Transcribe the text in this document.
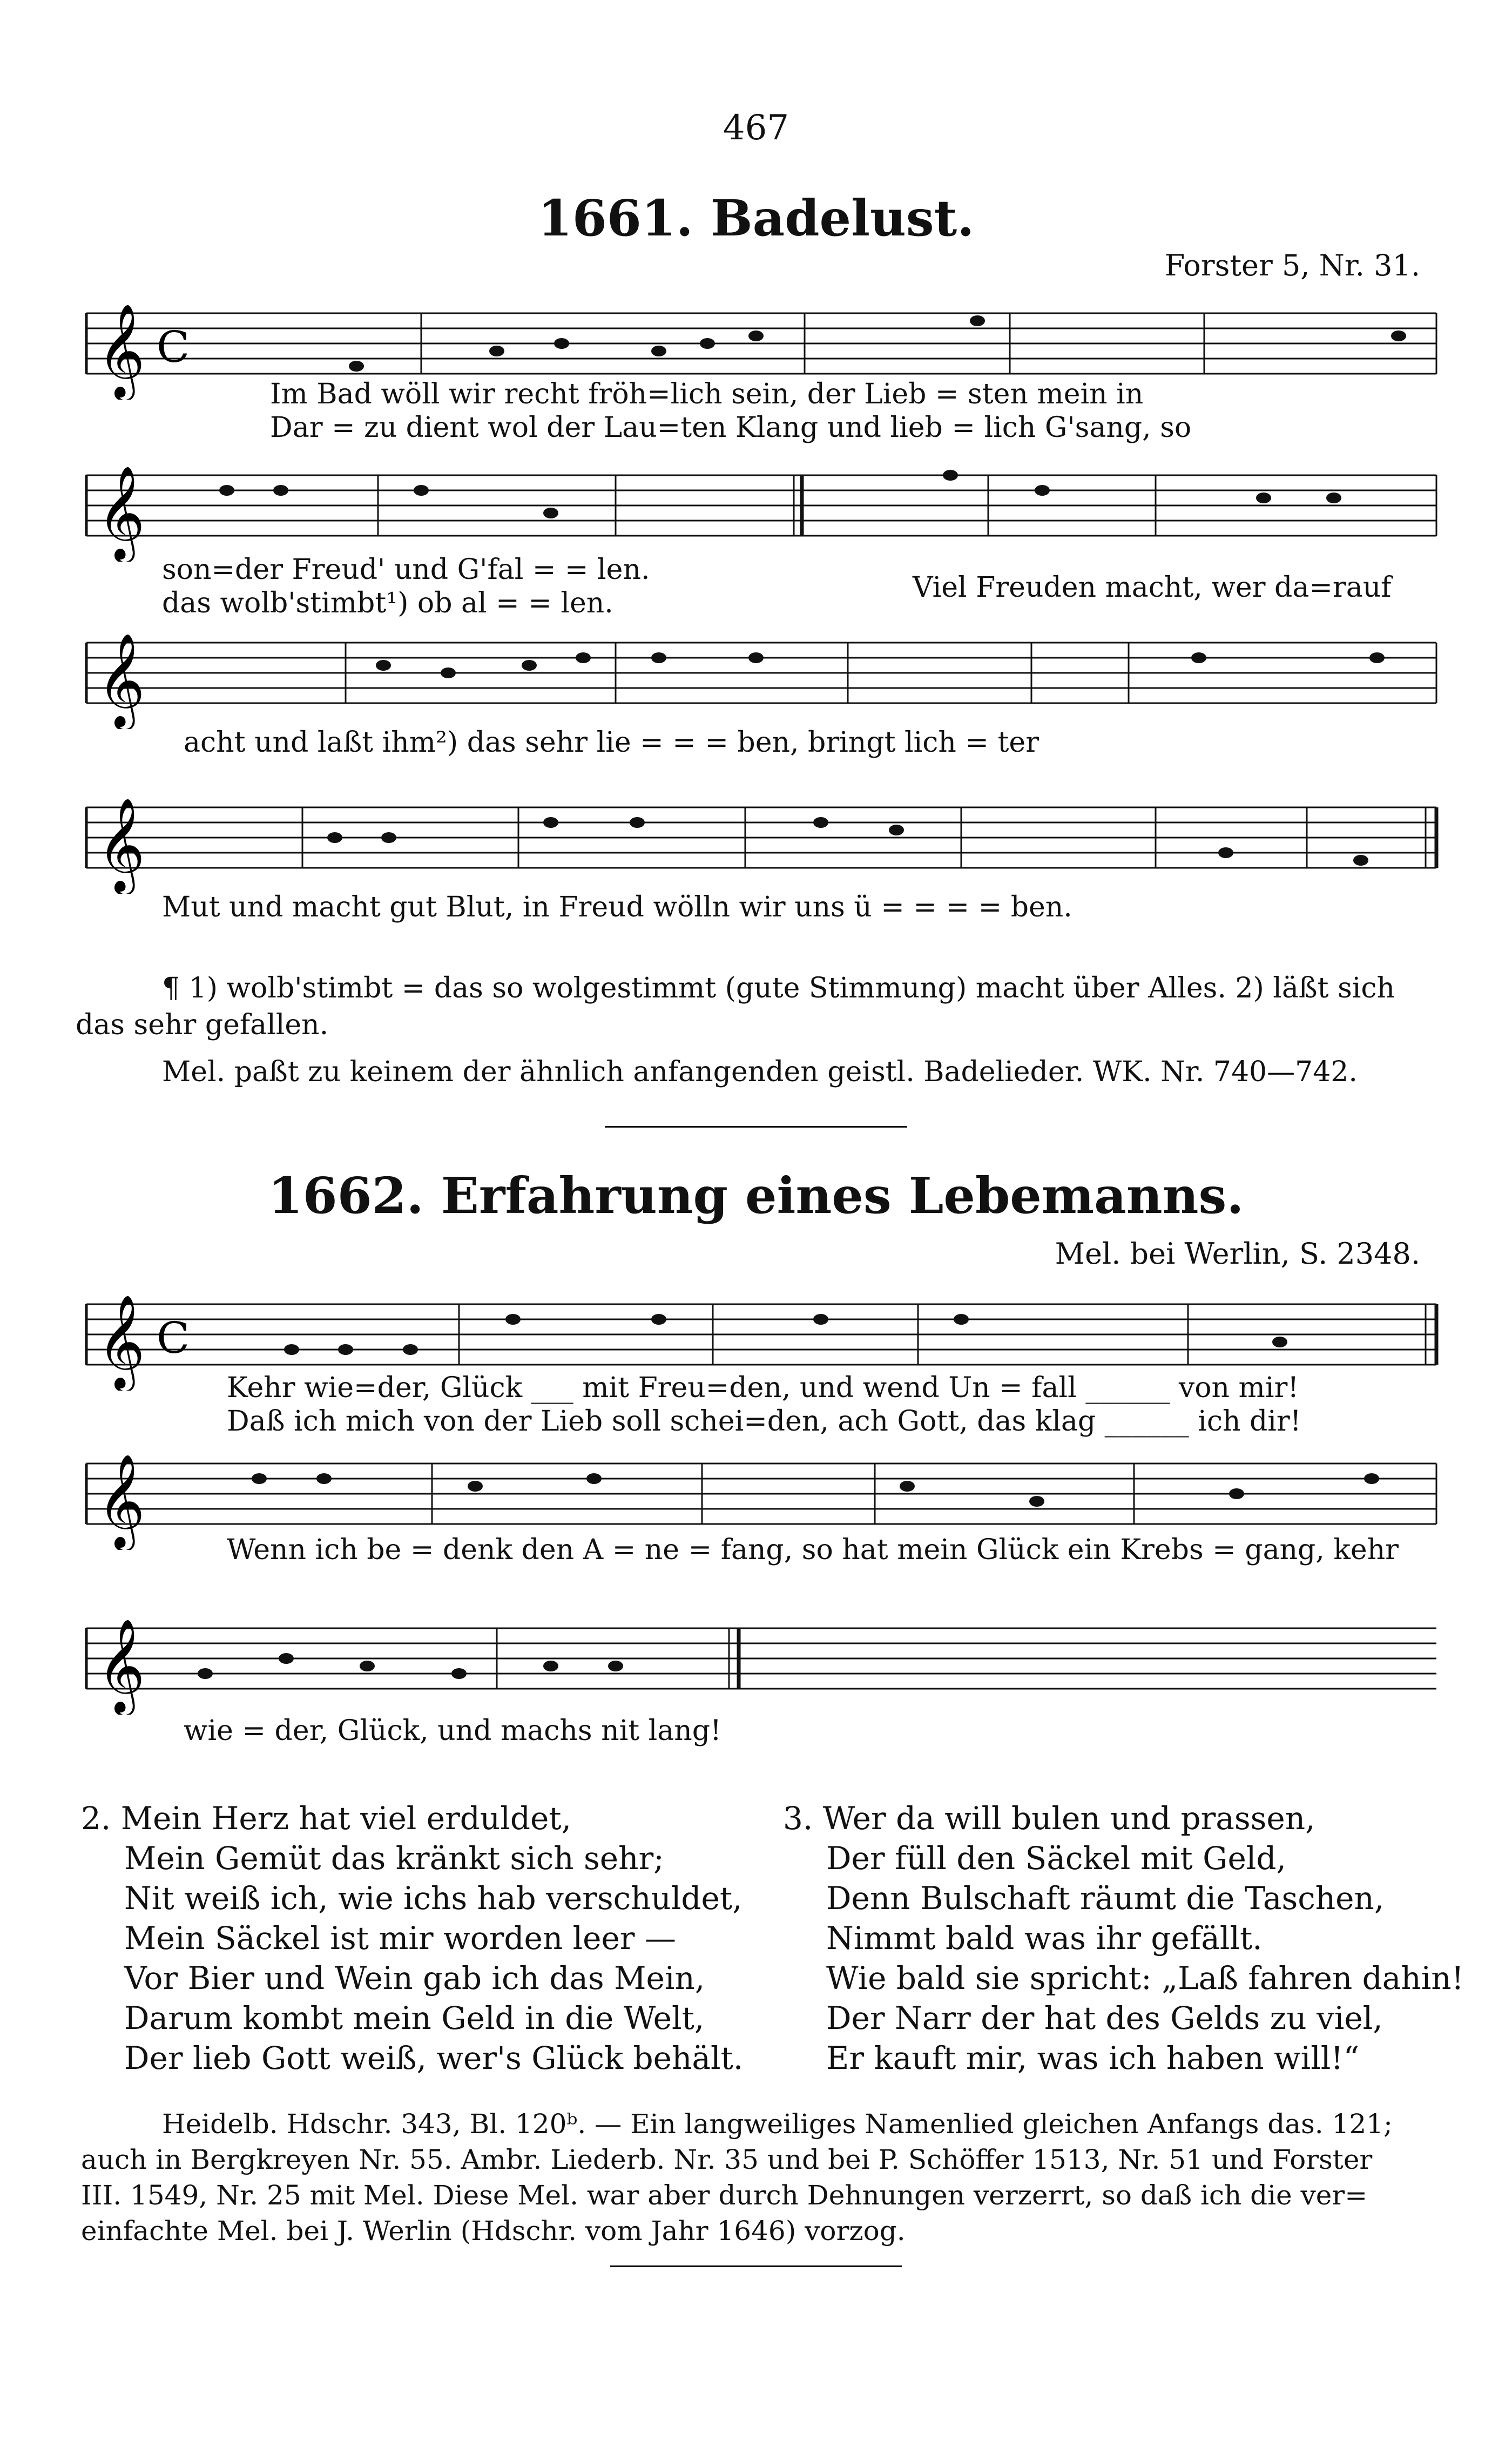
467
1661. Badelust.
Forster 5, Nr. 31.
𝄞 C
Im Bad wöll wir recht fröh=lich sein, der Lieb = sten mein in
Dar = zu dient wol der Lau=ten Klang und lieb = lich G'sang, so
𝄞
son=der Freud' und G'fal = = len.
das wolb'stimbt¹) ob al = = len.	Viel Freuden macht, wer da=rauf
𝄞
acht und laßt ihm²) das sehr lie = = = ben, bringt lich = ter
𝄞
Mut und macht gut Blut, in Freud wölln wir uns ü = = = = ben.
¶ 1) wolb'stimbt = das so wolgestimmt (gute Stimmung) macht über Alles. 2) läßt sich
das sehr gefallen.
Mel. paßt zu keinem der ähnlich anfangenden geistl. Badelieder. WK. Nr. 740—742.
1662. Erfahrung eines Lebemanns.
Mel. bei Werlin, S. 2348.
𝄞 C
Kehr wie=der, Glück ___ mit Freu=den, und wend Un = fall ______ von mir!
Daß ich mich von der Lieb soll schei=den, ach Gott, das klag ______ ich dir!
𝄞
Wenn ich be = denk den A = ne = fang, so hat mein Glück ein Krebs = gang, kehr
𝄞
wie = der, Glück, und machs nit lang!
2. Mein Herz hat viel erduldet,
Mein Gemüt das kränkt sich sehr;
Nit weiß ich, wie ichs hab verschuldet,
Mein Säckel ist mir worden leer —
Vor Bier und Wein gab ich das Mein,
Darum kombt mein Geld in die Welt,
Der lieb Gott weiß, wer's Glück behält.
3. Wer da will bulen und prassen,
Der füll den Säckel mit Geld,
Denn Bulschaft räumt die Taschen,
Nimmt bald was ihr gefällt.
Wie bald sie spricht: „Laß fahren dahin!
Der Narr der hat des Gelds zu viel,
Er kauft mir, was ich haben will!“
Heidelb. Hdschr. 343, Bl. 120ᵇ. — Ein langweiliges Namenlied gleichen Anfangs das. 121;
auch in Bergkreyen Nr. 55. Ambr. Liederb. Nr. 35 und bei P. Schöffer 1513, Nr. 51 und Forster
III. 1549, Nr. 25 mit Mel. Diese Mel. war aber durch Dehnungen verzerrt, so daß ich die ver=
einfachte Mel. bei J. Werlin (Hdschr. vom Jahr 1646) vorzog.
